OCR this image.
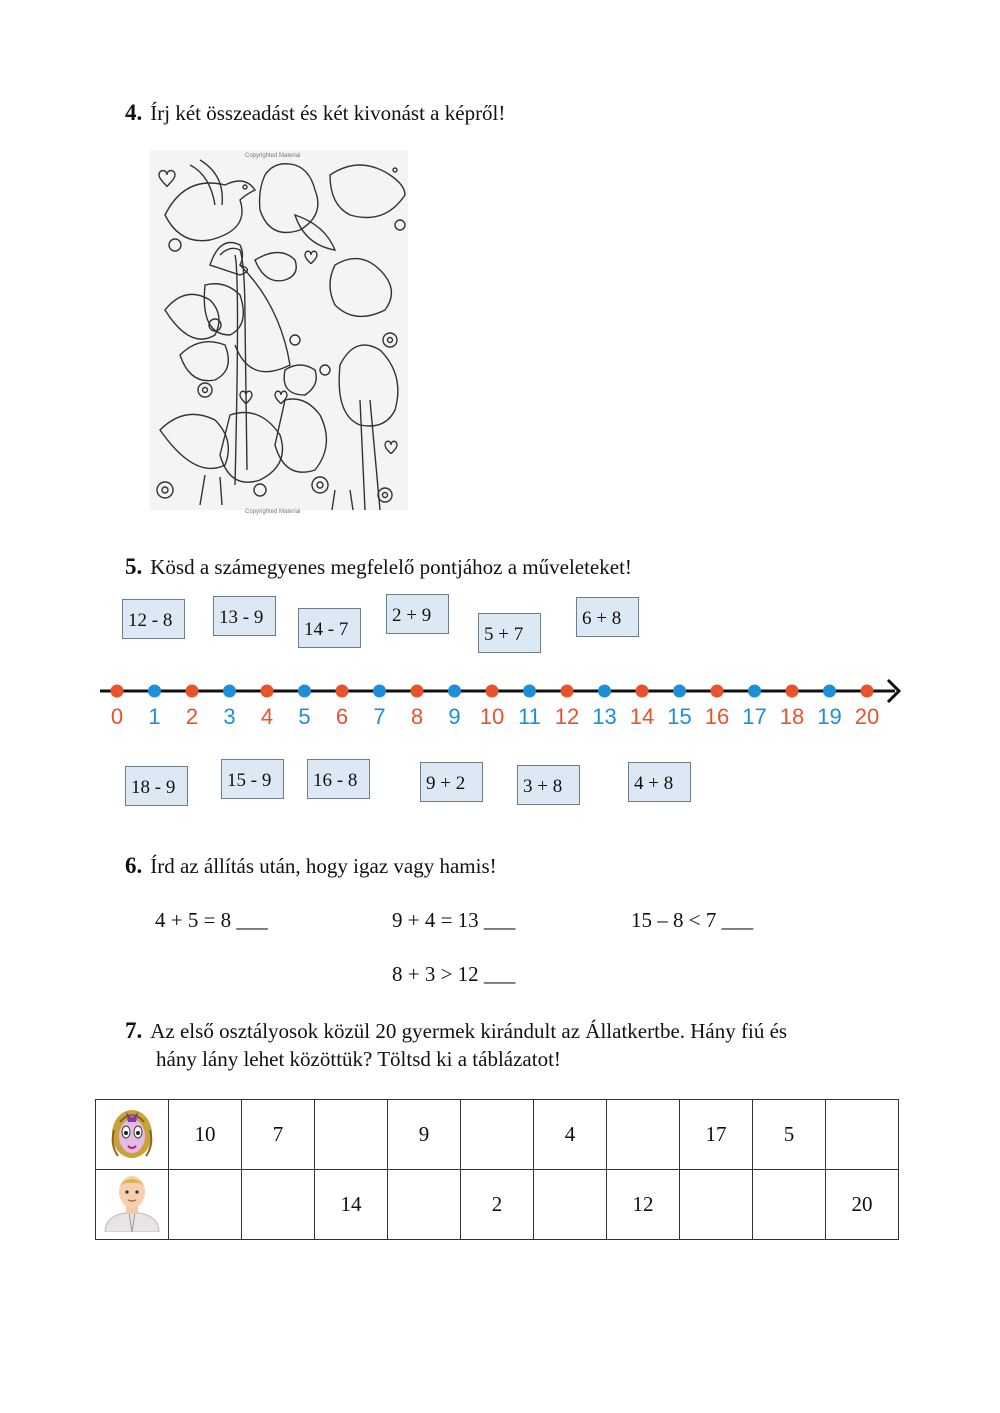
4. Írj két összeadást és két kivonást a képről!
Copyrighted Material
Copyrighted Material
5. Kösd a számegyenes megfelelő pontjához a műveleteket!
12 - 8	13 - 9
14 - 7
2 + 9
5 + 7
6 + 8
0 1 2 3 4 5 6 7 8 9 10 11 12 13 14 15 16 17 18 19 20
18 - 9	15 - 9	16 - 8	9 + 2	3 + 8	4 + 8
6. Írd az állítás után, hogy igaz vagy hamis!
4 + 5 = 8 ___	9 + 4 = 13 ___	15 – 8 < 7 ___
8 + 3 > 12 ___
7. Az első osztályosok közül 20 gyermek kirándult az Állatkertbe. Hány fiú és
hány lány lehet közöttük? Töltsd ki a táblázatot!
	10	7		9		4		17	5	
			14		2		12			20
